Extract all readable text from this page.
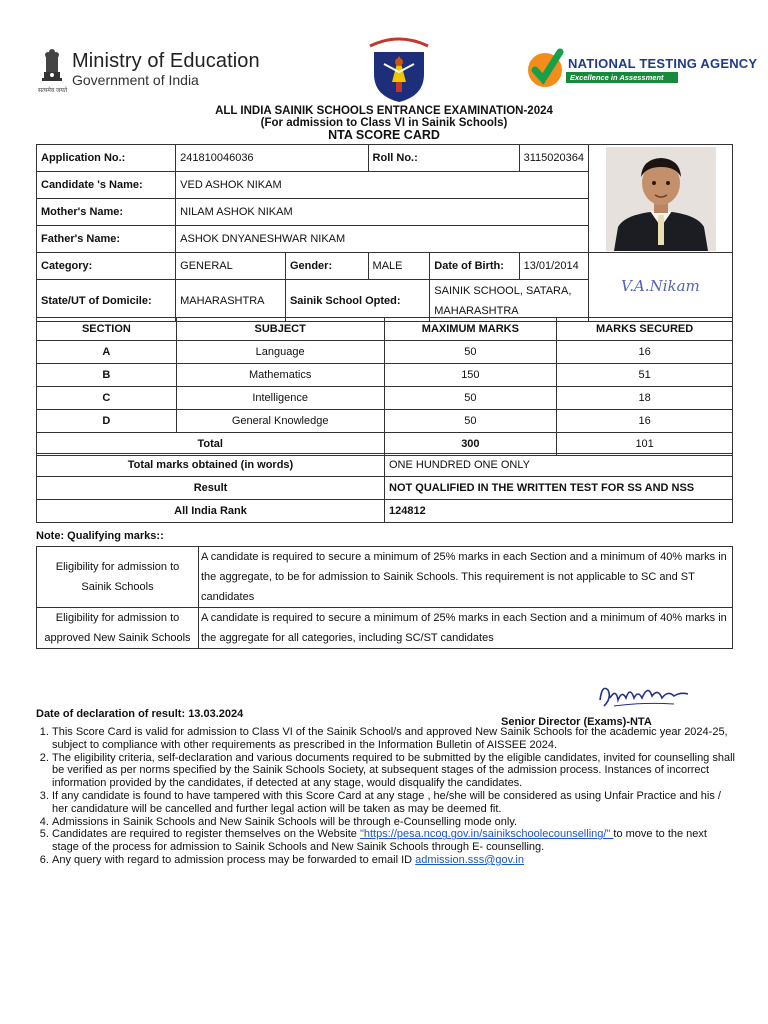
Ministry of Education
Government of India
सत्यमेव जयते
NATIONAL TESTING AGENCY
Excellence in Assessment
ALL INDIA SAINIK SCHOOLS ENTRANCE EXAMINATION-2024
(For admission to Class VI in Sainik Schools)
NTA SCORE CARD
Application No.:	241810046036		Roll No.:		3115020364	

Candidate 's Name:	VED ASHOK NIKAM					
Mother's Name:	NILAM ASHOK NIKAM					
Father's Name:	ASHOK DNYANESHWAR NIKAM					
Category:	GENERAL	Gender:	MALE	Date of Birth:	13/01/2014	V.A.Nikam

State/UT of Domicile:	MAHARASHTRA	Sainik School Opted:		SAINIK SCHOOL, SATARA,
MAHARASHTRA		
SECTION	SUBJECT	MAXIMUM MARKS	MARKS SECURED
A	Language	50	16
B	Mathematics	150	51
C	Intelligence	50	18
D	General Knowledge	50	16
Total		300	101
Total marks obtained (in words)	ONE HUNDRED ONE ONLY
Result	NOT QUALIFIED IN THE WRITTEN TEST FOR SS AND NSS
All India Rank	124812
Note: Qualifying marks::
Eligibility for admission to Sainik Schools	A candidate is required to secure a minimum of 25% marks in each Section and a minimum of 40% marks in the aggregate, to be for admission to Sainik Schools. This requirement is not applicable to SC and ST candidates
Eligibility for admission to approved New Sainik Schools	A candidate is required to secure a minimum of 25% marks in each Section and a minimum of 40% marks in the aggregate for all categories, including SC/ST candidates
Date of declaration of result: 13.03.2024
Senior Director (Exams)-NTA
1. This Score Card is valid for admission to Class VI of the Sainik School/s and approved New Sainik Schools for the academic year 2024-25, subject to compliance with other requirements as prescribed in the Information Bulletin of AISSEE 2024.
2. The eligibility criteria, self-declaration and various documents required to be submitted by the eligible candidates, invited for counselling shall be verified as per norms specified by the Sainik Schools Society, at subsequent stages of the admission process. Instances of incorrect information provided by the candidates, if detected at any stage, would disqualify the candidates.
3. If any candidate is found to have tampered with this Score Card at any stage , he/she will be considered as using Unfair Practice and his / her candidature will be cancelled and further legal action will be taken as may be deemed fit.
4. Admissions in Sainik Schools and New Sainik Schools will be through e-Counselling mode only.
5. Candidates are required to register themselves on the Website "https://pesa.ncog.gov.in/sainikschoolecounselling/" to move to the next stage of the process for admission to Sainik Schools and New Sainik Schools through E- counselling.
6. Any query with regard to admission process may be forwarded to email ID admission.sss@gov.in
